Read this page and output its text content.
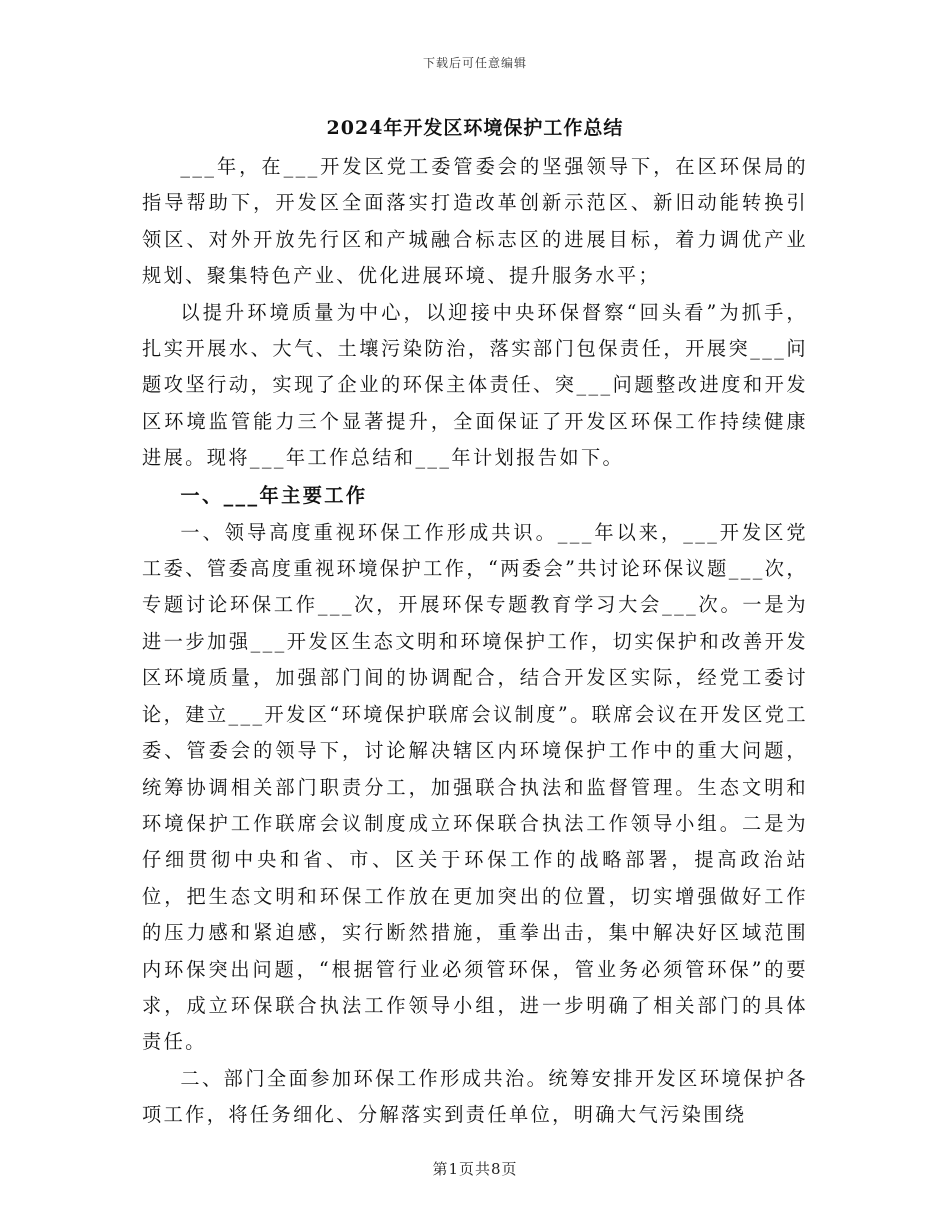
下载后可任意编辑
2024年开发区环境保护工作总结

___年，在___开发区党工委管委会的坚强领导下，在区环保局的指导帮助下，开发区全面落实打造改革创新示范区、新旧动能转换引领区、对外开放先行区和产城融合标志区的进展目标，着力调优产业规划、聚集特色产业、优化进展环境、提升服务水平；

以提升环境质量为中心，以迎接中央环保督察“回头看”为抓手，扎实开展水、大气、土壤污染防治，落实部门包保责任，开展突___问题攻坚行动，实现了企业的环保主体责任、突___问题整改进度和开发区环境监管能力三个显著提升，全面保证了开发区环保工作持续健康进展。现将___年工作总结和___年计划报告如下。

一、___年主要工作

一、领导高度重视环保工作形成共识。___年以来，___开发区党工委、管委高度重视环境保护工作，“两委会”共讨论环保议题___次，专题讨论环保工作___次，开展环保专题教育学习大会___次。一是为进一步加强___开发区生态文明和环境保护工作，切实保护和改善开发区环境质量，加强部门间的协调配合，结合开发区实际，经党工委讨论，建立___开发区“环境保护联席会议制度”。联席会议在开发区党工委、管委会的领导下，讨论解决辖区内环境保护工作中的重大问题，统筹协调相关部门职责分工，加强联合执法和监督管理。生态文明和环境保护工作联席会议制度成立环保联合执法工作领导小组。二是为仔细贯彻中央和省、市、区关于环保工作的战略部署，提高政治站位，把生态文明和环保工作放在更加突出的位置，切实增强做好工作的压力感和紧迫感，实行断然措施，重拳出击，集中解决好区域范围内环保突出问题，“根据管行业必须管环保，管业务必须管环保”的要求，成立环保联合执法工作领导小组，进一步明确了相关部门的具体责任。

二、部门全面参加环保工作形成共治。统筹安排开发区环境保护各项工作，将任务细化、分解落实到责任单位，明确大气污染围绕

第1页共8页
